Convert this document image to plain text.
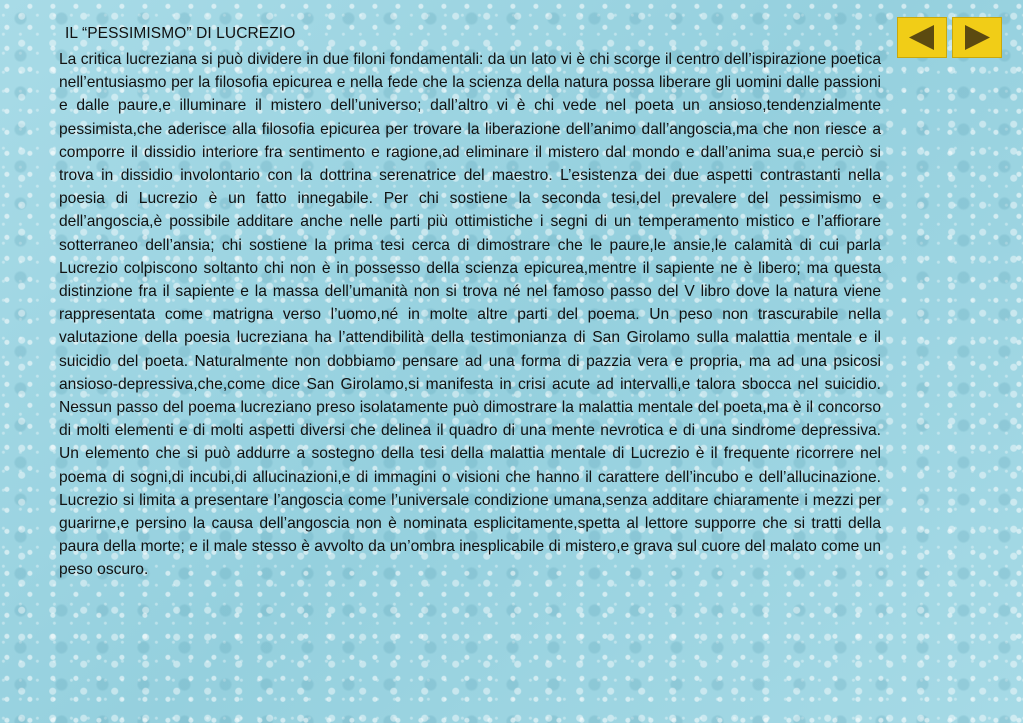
IL “PESSIMISMO” DI LUCREZIO

La critica lucreziana si può dividere in due filoni fondamentali: da un lato vi è chi scorge il centro dell’ispirazione poetica nell’entusiasmo per la filosofia epicurea e nella fede che la scienza della natura possa liberare gli uomini dalle passioni e dalle paure,e illuminare il mistero dell’universo; dall’altro vi è chi vede nel poeta un ansioso,tendenzialmente pessimista,che aderisce alla filosofia epicurea per trovare la liberazione dell’animo dall’angoscia,ma che non riesce a comporre il dissidio interiore fra sentimento e ragione,ad eliminare il mistero dal mondo e dall’anima sua,e perciò si trova in dissidio involontario con la dottrina serenatrice del maestro. L’esistenza dei due aspetti contrastanti nella poesia di Lucrezio è un fatto innegabile. Per chi sostiene la seconda tesi,del prevalere del pessimismo e dell’angoscia,è possibile additare anche nelle parti più ottimistiche i segni di un temperamento mistico e l’affiorare sotterraneo dell’ansia; chi sostiene la prima tesi cerca di dimostrare che le paure,le ansie,le calamità di cui parla Lucrezio colpiscono soltanto chi non è in possesso della scienza epicurea,mentre il sapiente ne è libero; ma questa distinzione fra il sapiente e la massa dell’umanità non si trova né nel famoso passo del V libro dove la natura viene rappresentata come matrigna verso l’uomo,né in molte altre parti del poema. Un peso non trascurabile nella valutazione della poesia lucreziana ha l’attendibilità della testimonianza di San Girolamo sulla malattia mentale e il suicidio del poeta. Naturalmente non dobbiamo pensare ad una forma di pazzia vera e propria, ma ad una psicosi ansioso-depressiva,che,come dice San Girolamo,si manifesta in crisi acute ad intervalli,e talora sbocca nel suicidio. Nessun passo del poema lucreziano preso isolatamente può dimostrare la malattia mentale del poeta,ma è il concorso di molti elementi e di molti aspetti diversi che delinea il quadro di una mente nevrotica e di una sindrome depressiva. Un elemento che si può addurre a sostegno della tesi della malattia mentale di Lucrezio è il frequente ricorrere nel poema di sogni,di incubi,di allucinazioni,e di immagini o visioni che hanno il carattere dell’incubo e dell’allucinazione. Lucrezio si limita a presentare l’angoscia come l’universale condizione umana,senza additare chiaramente i mezzi per guarirne,e persino la causa dell’angoscia non è nominata esplicitamente,spetta al lettore supporre che si tratti della paura della morte; e il male stesso è avvolto da un’ombra inesplicabile di mistero,e grava sul cuore del malato come un peso oscuro.
